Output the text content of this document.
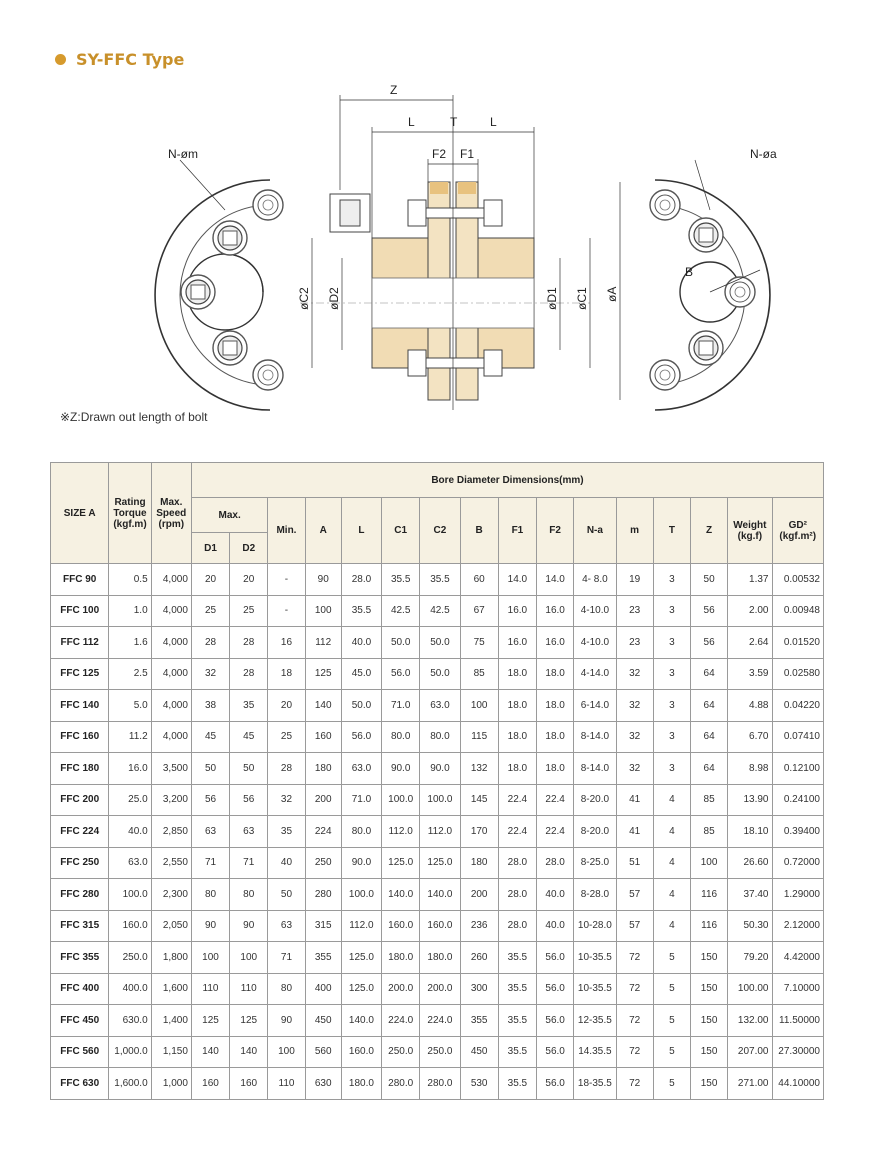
SY-FFC Type
Z
L	T	L
F2 F1
N-øm	N-øa
øC2 øD2	øD1 øC1 øA
B
※Z:Drawn out length of bolt
SIZE A	Rating Torque (kgf.m)	Max. Speed (rpm)	Bore Diameter Dimensions(mm)															
			Max.		Min.	A	L	C1	C2	B	F1	F2	N-a	m	T	Z	Weight (kg.f)	GD² (kgf.m²)
			D1	D2														
FFC 90	0.5	4,000	20	20	-	90	28.0	35.5	35.5	60	14.0	14.0	4- 8.0	19	3	50	1.37	0.00532
FFC 100	1.0	4,000	25	25	-	100	35.5	42.5	42.5	67	16.0	16.0	4-10.0	23	3	56	2.00	0.00948
FFC 112	1.6	4,000	28	28	16	112	40.0	50.0	50.0	75	16.0	16.0	4-10.0	23	3	56	2.64	0.01520
FFC 125	2.5	4,000	32	28	18	125	45.0	56.0	50.0	85	18.0	18.0	4-14.0	32	3	64	3.59	0.02580
FFC 140	5.0	4,000	38	35	20	140	50.0	71.0	63.0	100	18.0	18.0	6-14.0	32	3	64	4.88	0.04220
FFC 160	11.2	4,000	45	45	25	160	56.0	80.0	80.0	115	18.0	18.0	8-14.0	32	3	64	6.70	0.07410
FFC 180	16.0	3,500	50	50	28	180	63.0	90.0	90.0	132	18.0	18.0	8-14.0	32	3	64	8.98	0.12100
FFC 200	25.0	3,200	56	56	32	200	71.0	100.0	100.0	145	22.4	22.4	8-20.0	41	4	85	13.90	0.24100
FFC 224	40.0	2,850	63	63	35	224	80.0	112.0	112.0	170	22.4	22.4	8-20.0	41	4	85	18.10	0.39400
FFC 250	63.0	2,550	71	71	40	250	90.0	125.0	125.0	180	28.0	28.0	8-25.0	51	4	100	26.60	0.72000
FFC 280	100.0	2,300	80	80	50	280	100.0	140.0	140.0	200	28.0	40.0	8-28.0	57	4	116	37.40	1.29000
FFC 315	160.0	2,050	90	90	63	315	112.0	160.0	160.0	236	28.0	40.0	10-28.0	57	4	116	50.30	2.12000
FFC 355	250.0	1,800	100	100	71	355	125.0	180.0	180.0	260	35.5	56.0	10-35.5	72	5	150	79.20	4.42000
FFC 400	400.0	1,600	110	110	80	400	125.0	200.0	200.0	300	35.5	56.0	10-35.5	72	5	150	100.00	7.10000
FFC 450	630.0	1,400	125	125	90	450	140.0	224.0	224.0	355	35.5	56.0	12-35.5	72	5	150	132.00	11.50000
FFC 560	1,000.0	1,150	140	140	100	560	160.0	250.0	250.0	450	35.5	56.0	14.35.5	72	5	150	207.00	27.30000
FFC 630	1,600.0	1,000	160	160	110	630	180.0	280.0	280.0	530	35.5	56.0	18-35.5	72	5	150	271.00	44.10000
